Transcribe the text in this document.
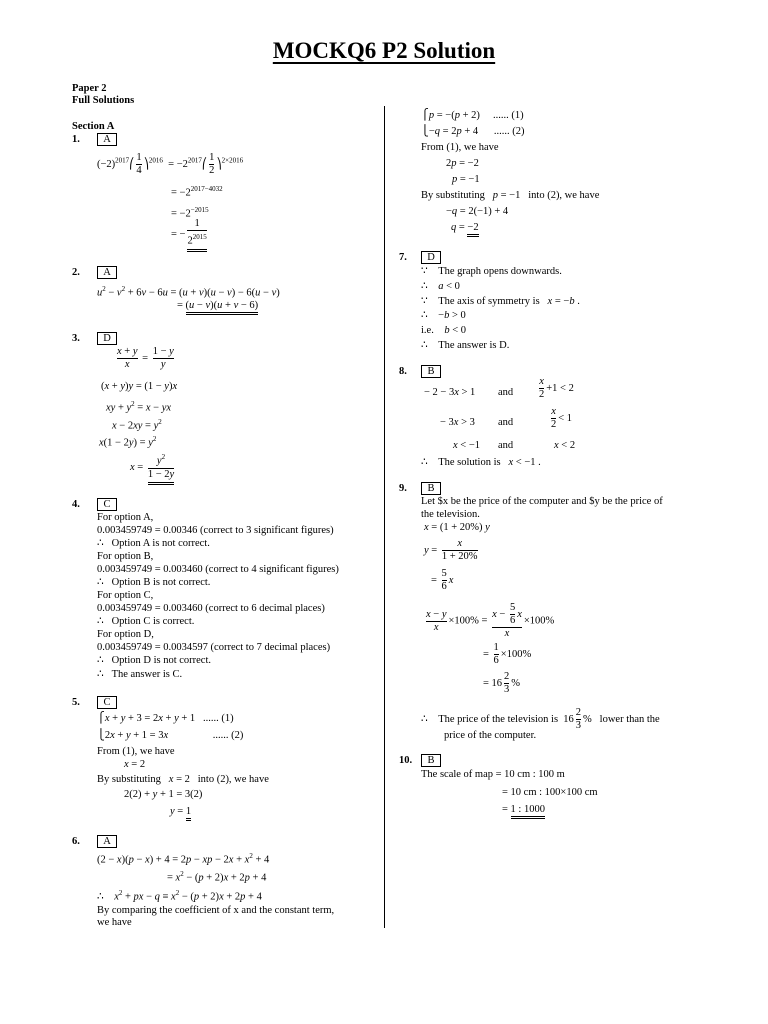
MOCKQ6 P2 Solution
Paper 2
Full Solutions
Section A
1.	A
$(-2)^{2017}⎛ \frac{1}{4}$ ⎞$^{2016}$  = $-2^{2017}⎛ \frac{1}{2}$ ⎞$^{2\times 2016}$
= $-2^{2017-4032}$
= $-2^{-2015}$
= − $\frac{1}{2^{2015}}$
2.	A
$u^2 - v^2 + 6v - 6u = (u + v)(u - v) - 6(u - v)$
= (u − v)(u + v − 6)
3.	D
$\frac{x + y}{x} = \frac{1 - y}{y}$
(x + y)y = (1 − y)x
xy + $y^2 = x$ − yx
$x - 2xy = y^2$
$x(1 - 2y) = y^2$
$x = \frac{y^2}{1 - 2y}$
4.	C
For option A,
0.003459749 = 0.00346 (correct to 3 significant figures)
∴   Option A is not correct.
For option B,
0.003459749 = 0.003460 (correct to 4 significant figures)
∴   Option B is not correct.
For option C,
0.003459749 = 0.003460 (correct to 6 decimal places)
∴   Option C is correct.
For option D,
0.003459749 = 0.0034597 (correct to 7 decimal places)
∴   Option D is not correct.
∴   The answer is C.
5.	C
⎧x + y + 3 = 2x + y + 1   ...... (1)
⎩2x + y + 1 = 3x                 ...... (2)
From (1), we have
x = 2
By substituting x = 2   into (2), we have
2(2) + y + 1 = 3(2)
y = 1
6.	A
(2 − x)(p − x) + 4 = 2p − xp − $2x + x^2 + 4$
= $x^2 - (p + 2)x + 2p + 4$
∴    $x^2$ + px − $q \equiv x^2 - (p + 2)x + 2p + 4$
By comparing the coefficient of x and the constant term,
we have
⎧p = −(p + 2)     ...... (1)
⎩−q = 2p + 4      ...... (2)
From (1), we have
2p = −2
p = −1
By substituting p = −1   into (2), we have
−q = 2(−1) + 4
q = −2
7.	D
∵    The graph opens downwards.
∴    a < 0
∵    The axis of symmetry is x = −b .
∴    −b > 0
i.e. b < 0
∴    The answer is D.
8.	B
− 2 − 3x > 1 and $\frac{x}{2} +1 < 2$
− 3x > 3 and	$\frac{x}{2} < 1$
x < −1 and	x < 2
∴    The solution is x < −1 .
9.	B
Let $x be the price of the computer and $y be the price of
the television.
x = (1 + 20%) y
$y = \frac{x}{1 + 20\%}$
= $\frac{5}{6}$ x
$\frac{x - y}{x} \times 100\% = \frac{x - \frac{5}{6} x}{x} \times 100\%$
= $\frac{1}{6} \times 100\%$
= $16 \frac{2}{3}$ %
∴    The price of the television is  $16 \frac{2}{3}$ %   lower than the
price of the computer.
10.	B
The scale of map = 10 cm : 100 m
= 10 cm : 100×100 cm
= 1 : 1000
